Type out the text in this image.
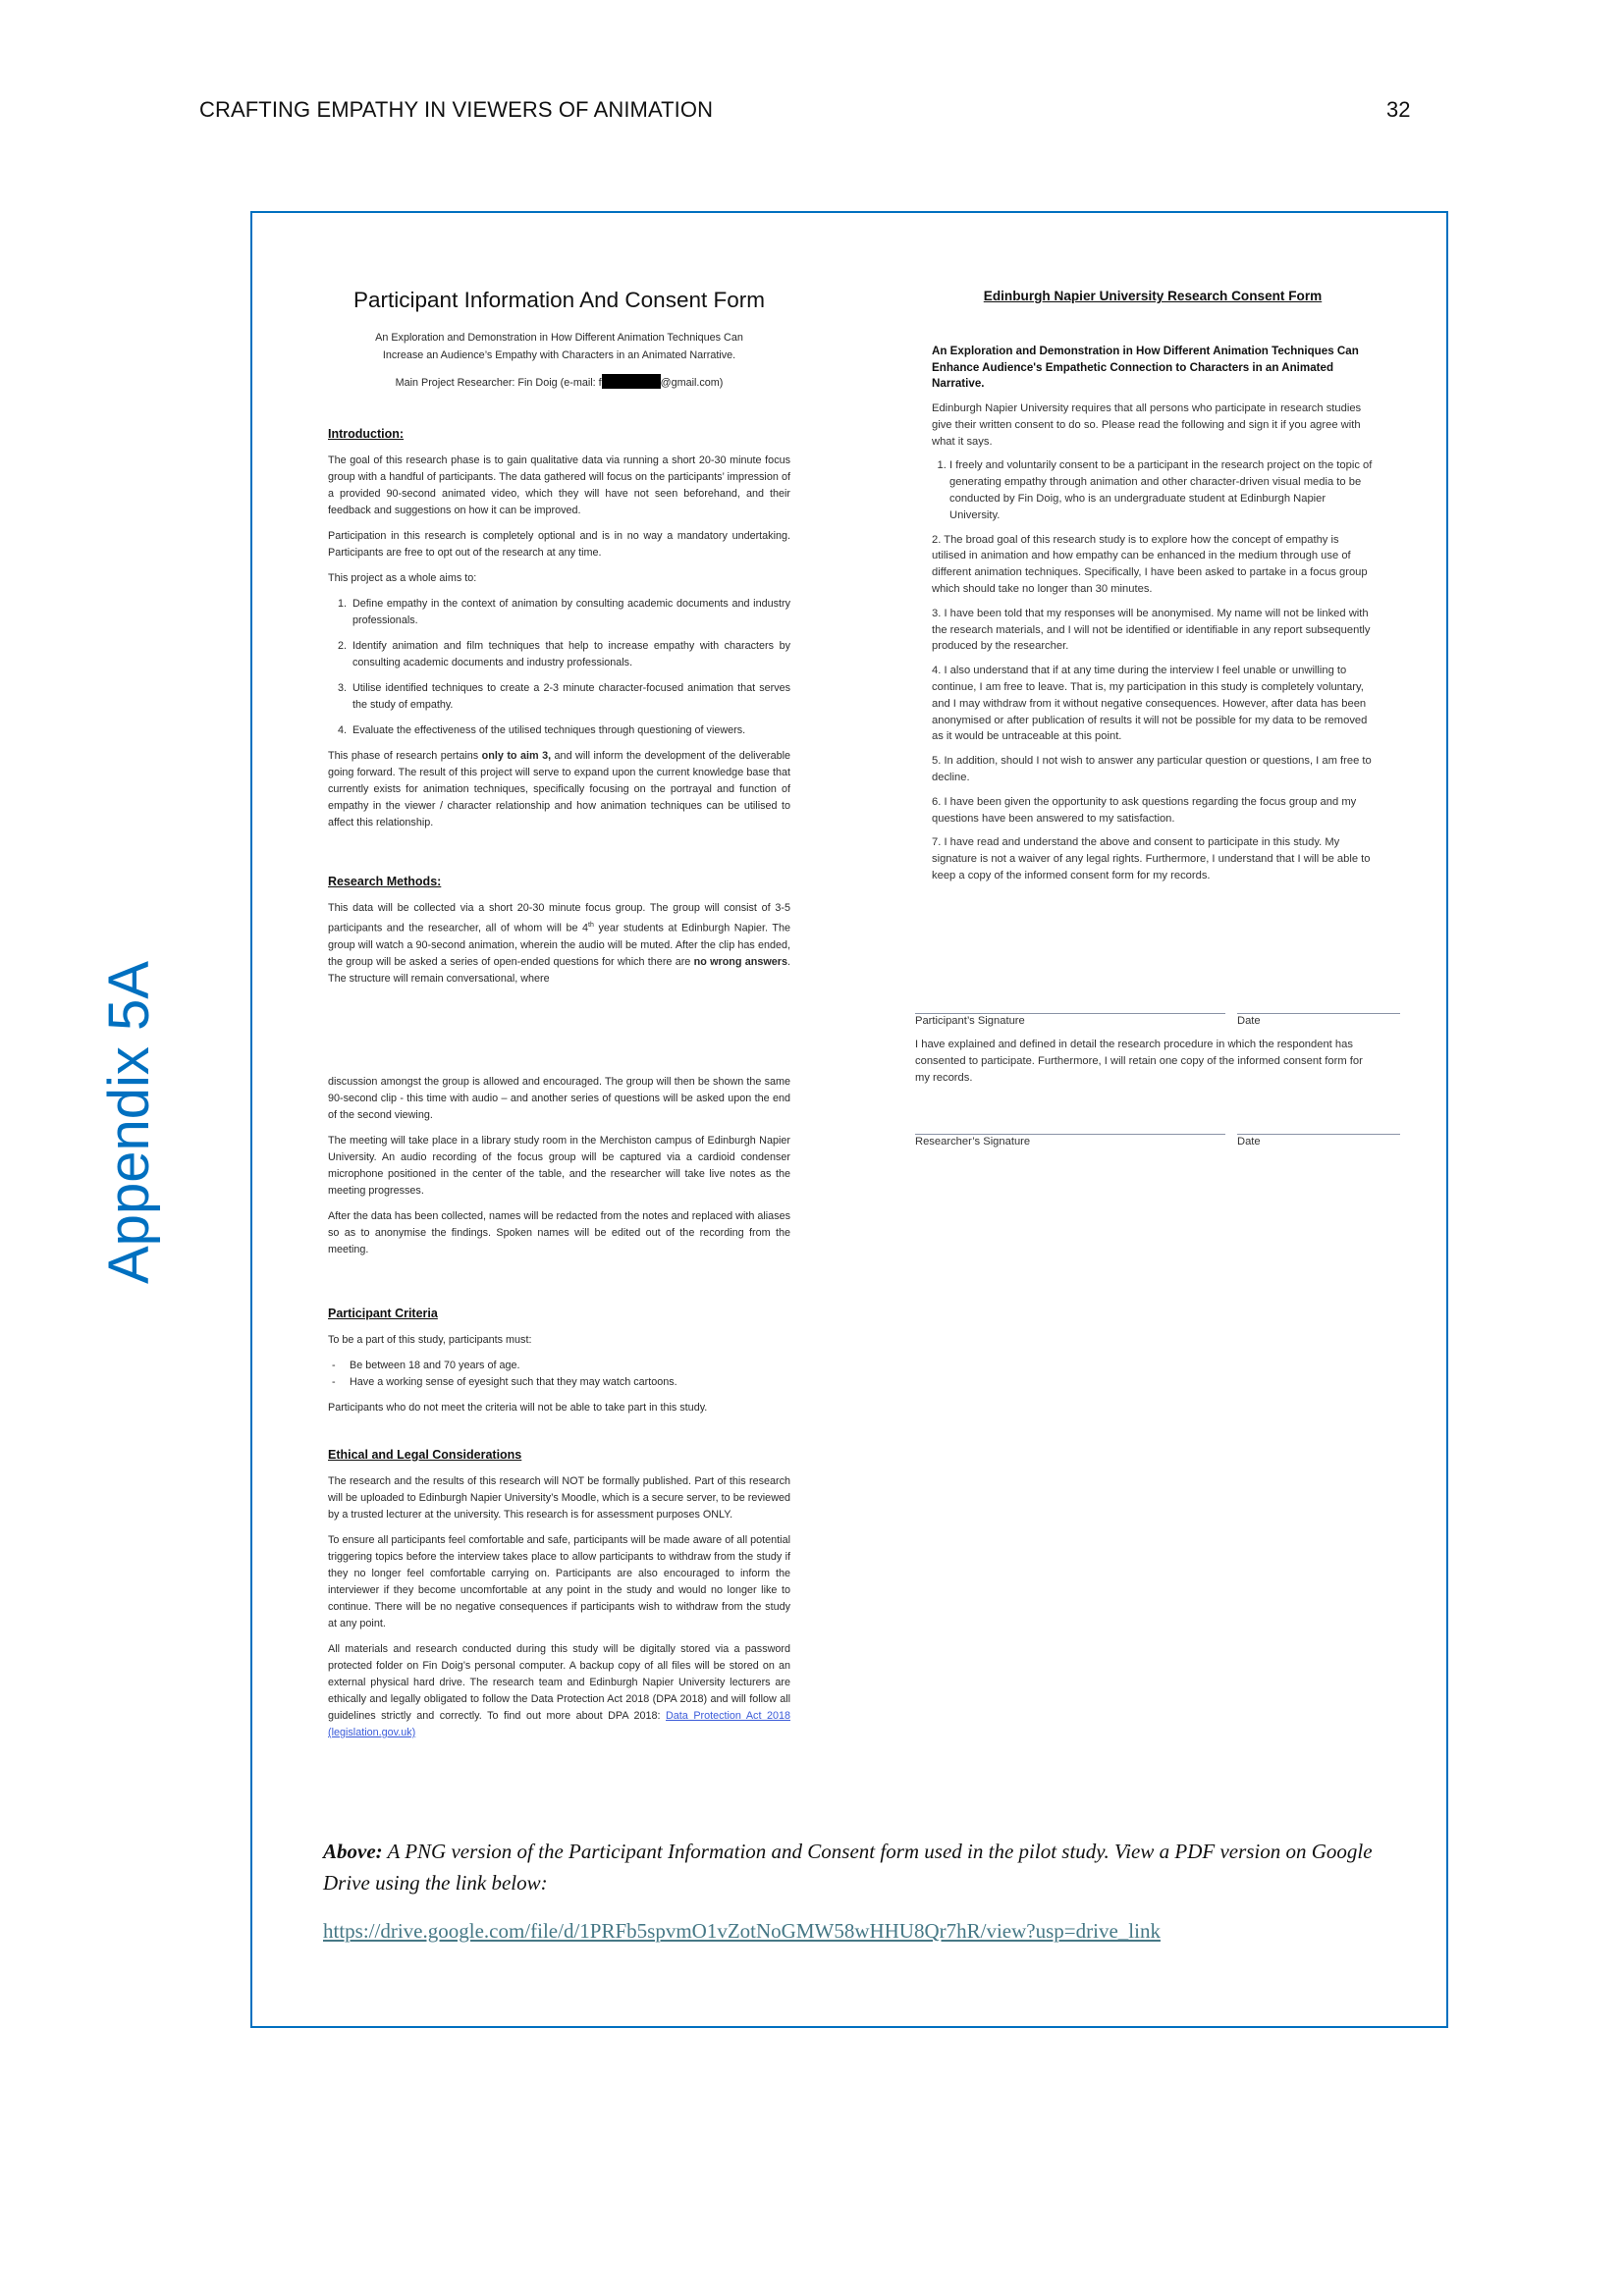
CRAFTING EMPATHY IN VIEWERS OF ANIMATION	32
Appendix 5A
Participant Information And Consent Form
An Exploration and Demonstration in How Different Animation Techniques Can
Increase an Audience’s Empathy with Characters in an Animated Narrative.
Main Project Researcher: Fin Doig (e-mail: f	@gmail.com)
Introduction:

The goal of this research phase is to gain qualitative data via running a short 20-30 minute focus group with a handful of participants. The data gathered will focus on the participants’ impression of a provided 90-second animated video, which they will have not seen beforehand, and their feedback and suggestions on how it can be improved.

Participation in this research is completely optional and is in no way a mandatory undertaking. Participants are free to opt out of the research at any time.

This project as a whole aims to:

1. Define empathy in the context of animation by consulting academic documents and industry professionals.
2. Identify animation and film techniques that help to increase empathy with characters by consulting academic documents and industry professionals.
3. Utilise identified techniques to create a 2-3 minute character-focused animation that serves the study of empathy.
4. Evaluate the effectiveness of the utilised techniques through questioning of viewers.

This phase of research pertains only to aim 3, and will inform the development of the deliverable going forward. The result of this project will serve to expand upon the current knowledge base that currently exists for animation techniques, specifically focusing on the portrayal and function of empathy in the viewer / character relationship and how animation techniques can be utilised to affect this relationship.

Research Methods:

This data will be collected via a short 20-30 minute focus group. The group will consist of 3-5 participants and the researcher, all of whom will be 4th year students at Edinburgh Napier. The group will watch a 90-second animation, wherein the audio will be muted. After the clip has ended, the group will be asked a series of open-ended questions for which there are no wrong answers. The structure will remain conversational, where

discussion amongst the group is allowed and encouraged. The group will then be shown the same 90-second clip - this time with audio – and another series of questions will be asked upon the end of the second viewing.

The meeting will take place in a library study room in the Merchiston campus of Edinburgh Napier University. An audio recording of the focus group will be captured via a cardioid condenser microphone positioned in the center of the table, and the researcher will take live notes as the meeting progresses.

After the data has been collected, names will be redacted from the notes and replaced with aliases so as to anonymise the findings. Spoken names will be edited out of the recording from the meeting.

Participant Criteria

To be a part of this study, participants must:

- Be between 18 and 70 years of age.
- Have a working sense of eyesight such that they may watch cartoons.

Participants who do not meet the criteria will not be able to take part in this study.

Ethical and Legal Considerations

The research and the results of this research will NOT be formally published. Part of this research will be uploaded to Edinburgh Napier University’s Moodle, which is a secure server, to be reviewed by a trusted lecturer at the university. This research is for assessment purposes ONLY.

To ensure all participants feel comfortable and safe, participants will be made aware of all potential triggering topics before the interview takes place to allow participants to withdraw from the study if they no longer feel comfortable carrying on. Participants are also encouraged to inform the interviewer if they become uncomfortable at any point in the study and would no longer like to continue. There will be no negative consequences if participants wish to withdraw from the study at any point.

All materials and research conducted during this study will be digitally stored via a password protected folder on Fin Doig’s personal computer. A backup copy of all files will be stored on an external physical hard drive. The research team and Edinburgh Napier University lecturers are ethically and legally obligated to follow the Data Protection Act 2018 (DPA 2018) and will follow all guidelines strictly and correctly. To find out more about DPA 2018: Data Protection Act 2018 (legislation.gov.uk)

Edinburgh Napier University Research Consent Form
An Exploration and Demonstration in How Different Animation Techniques Can Enhance Audience's Empathetic Connection to Characters in an Animated Narrative.

Edinburgh Napier University requires that all persons who participate in research studies give their written consent to do so. Please read the following and sign it if you agree with what it says.

1. I freely and voluntarily consent to be a participant in the research project on the topic of generating empathy through animation and other character-driven visual media to be conducted by Fin Doig, who is an undergraduate student at Edinburgh Napier University.

2. The broad goal of this research study is to explore how the concept of empathy is utilised in animation and how empathy can be enhanced in the medium through use of different animation techniques. Specifically, I have been asked to partake in a focus group which should take no longer than 30 minutes.

3. I have been told that my responses will be anonymised. My name will not be linked with the research materials, and I will not be identified or identifiable in any report subsequently produced by the researcher.

4. I also understand that if at any time during the interview I feel unable or unwilling to continue, I am free to leave. That is, my participation in this study is completely voluntary, and I may withdraw from it without negative consequences. However, after data has been anonymised or after publication of results it will not be possible for my data to be removed as it would be untraceable at this point.

5. In addition, should I not wish to answer any particular question or questions, I am free to decline.

6. I have been given the opportunity to ask questions regarding the focus group and my questions have been answered to my satisfaction.

7. I have read and understand the above and consent to participate in this study. My signature is not a waiver of any legal rights. Furthermore, I understand that I will be able to keep a copy of the informed consent form for my records.

Participant’s Signature	Date
I have explained and defined in detail the research procedure in which the respondent has consented to participate. Furthermore, I will retain one copy of the informed consent form for my records.
Researcher’s Signature	Date
Above: A PNG version of the Participant Information and Consent form used in the pilot study. View a PDF version on Google Drive using the link below:
https://drive.google.com/file/d/1PRFb5spvmO1vZotNoGMW58wHHU8Qr7hR/view?usp=drive_link
